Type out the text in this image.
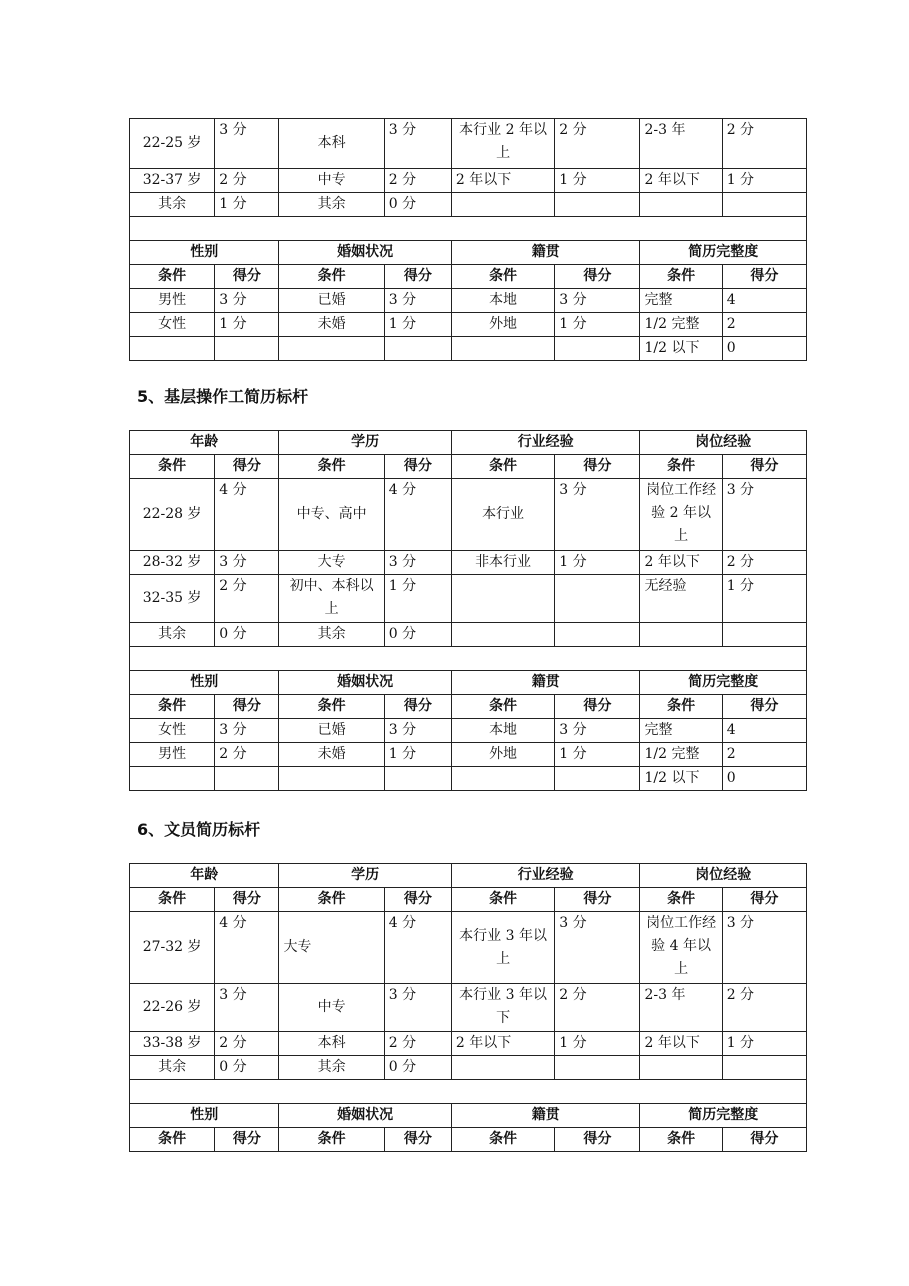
22-25 岁	3 分	本科	3 分	本行业 2 年以上	2 分	2-3 年	2 分
32-37 岁	2 分	中专	2 分	2 年以下	1 分	2 年以下	1 分
其余	1 分	其余	0 分				

性别		婚姻状况		籍贯		简历完整度	
条件	得分	条件	得分	条件	得分	条件	得分
男性	3 分	已婚	3 分	本地	3 分	完整	4
女性	1 分	未婚	1 分	外地	1 分	1/2 完整	2
						1/2 以下	0
5、基层操作工简历标杆
年龄		学历		行业经验		岗位经验	
条件	得分	条件	得分	条件	得分	条件	得分
22-28 岁	4 分	中专、高中	4 分	本行业	3 分	岗位工作经验 2 年以上	3 分
28-32 岁	3 分	大专	3 分	非本行业	1 分	2 年以下	2 分
32-35 岁	2 分	初中、本科以上	1 分			无经验	1 分
其余	0 分	其余	0 分				

性别		婚姻状况		籍贯		简历完整度	
条件	得分	条件	得分	条件	得分	条件	得分
女性	3 分	已婚	3 分	本地	3 分	完整	4
男性	2 分	未婚	1 分	外地	1 分	1/2 完整	2
						1/2 以下	0
6、文员简历标杆
年龄		学历		行业经验		岗位经验	
条件	得分	条件	得分	条件	得分	条件	得分
27-32 岁	4 分	大专	4 分	本行业 3 年以上	3 分	岗位工作经验 4 年以上	3 分
22-26 岁	3 分	中专	3 分	本行业 3 年以下	2 分	2-3 年	2 分
33-38 岁	2 分	本科	2 分	2 年以下	1 分	2 年以下	1 分
其余	0 分	其余	0 分				

性别		婚姻状况		籍贯		简历完整度	
条件	得分	条件	得分	条件	得分	条件	得分
